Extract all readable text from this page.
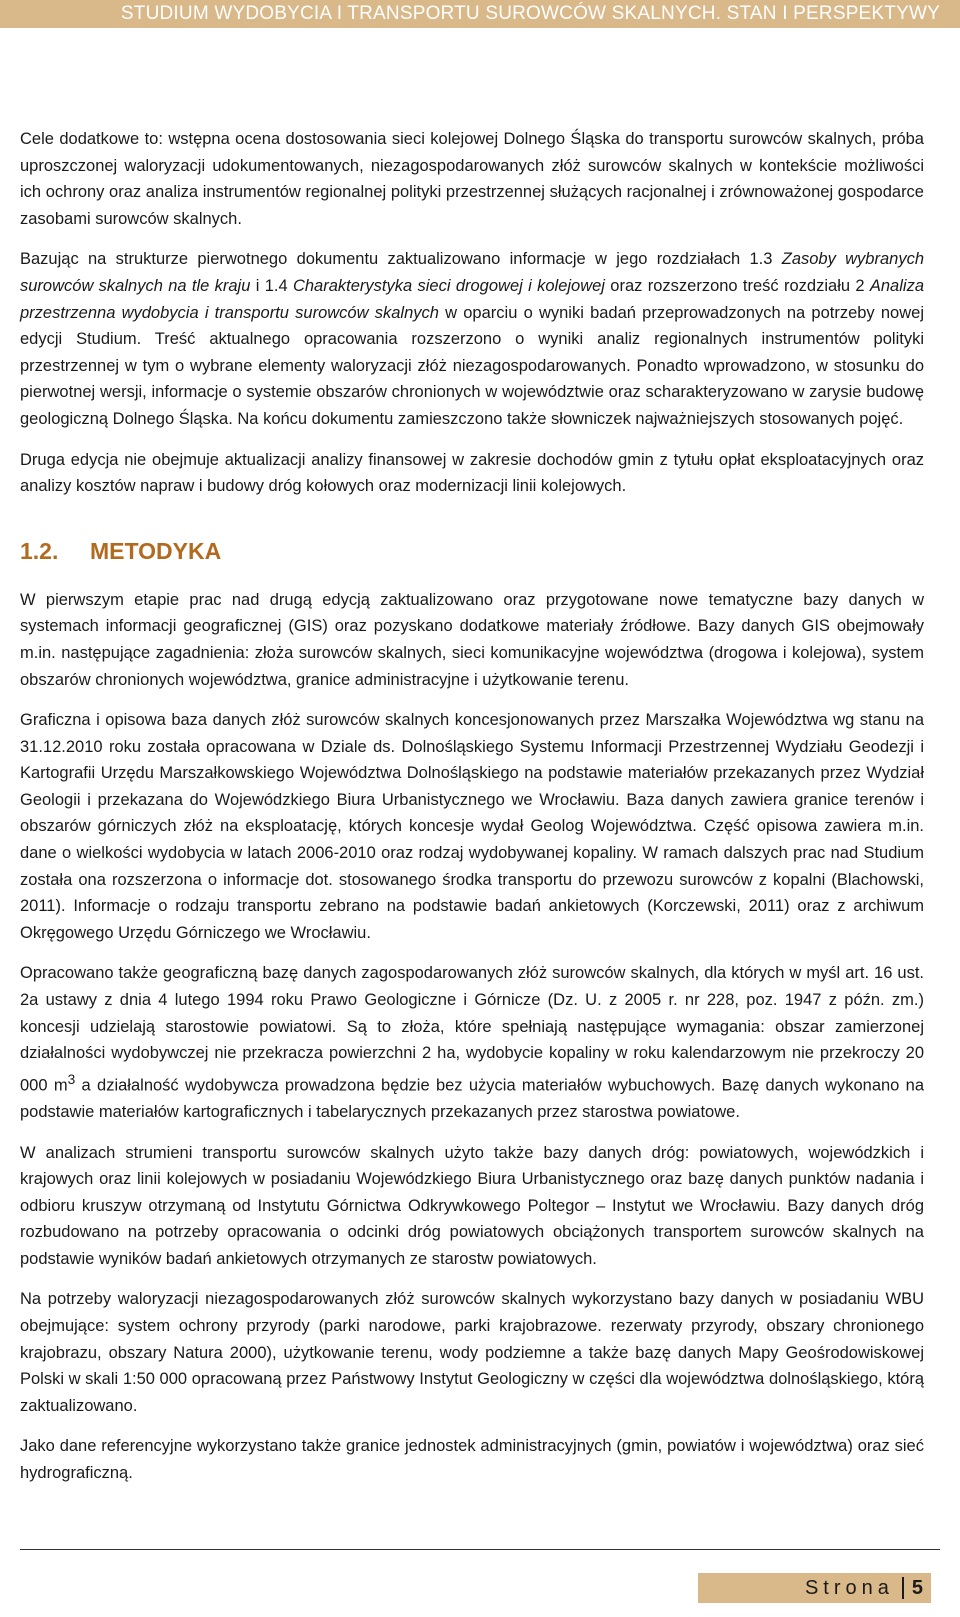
STUDIUM WYDOBYCIA I TRANSPORTU SUROWCÓW SKALNYCH. STAN I PERSPEKTYWY

Cele dodatkowe to: wstępna ocena dostosowania sieci kolejowej Dolnego Śląska do transportu surowców skalnych, próba uproszczonej waloryzacji udokumentowanych, niezagospodarowanych złóż surowców skalnych w kontekście możliwości ich ochrony oraz analiza instrumentów regionalnej polityki przestrzennej służących racjonalnej i zrównoważonej gospodarce zasobami surowców skalnych.

Bazując na strukturze pierwotnego dokumentu zaktualizowano informacje w jego rozdziałach 1.3 Zasoby wybranych surowców skalnych na tle kraju i 1.4 Charakterystyka sieci drogowej i kolejowej oraz rozszerzono treść rozdziału 2 Analiza przestrzenna wydobycia i transportu surowców skalnych w oparciu o wyniki badań przeprowadzonych na potrzeby nowej edycji Studium. Treść aktualnego opracowania rozszerzono o wyniki analiz regionalnych instrumentów polityki przestrzennej w tym o wybrane elementy waloryzacji złóż niezagospodarowanych. Ponadto wprowadzono, w stosunku do pierwotnej wersji, informacje o systemie obszarów chronionych w województwie oraz scharakteryzowano w zarysie budowę geologiczną Dolnego Śląska. Na końcu dokumentu zamieszczono także słowniczek najważniejszych stosowanych pojęć.

Druga edycja nie obejmuje aktualizacji analizy finansowej w zakresie dochodów gmin z tytułu opłat eksploatacyjnych oraz analizy kosztów napraw i budowy dróg kołowych oraz modernizacji linii kolejowych.

1.2.	METODYKA

W pierwszym etapie prac nad drugą edycją zaktualizowano oraz przygotowane nowe tematyczne bazy danych w systemach informacji geograficznej (GIS) oraz pozyskano dodatkowe materiały źródłowe. Bazy danych GIS obejmowały m.in. następujące zagadnienia: złoża surowców skalnych, sieci komunikacyjne województwa (drogowa i kolejowa), system obszarów chronionych województwa, granice administracyjne i użytkowanie terenu.

Graficzna i opisowa baza danych złóż surowców skalnych koncesjonowanych przez Marszałka Województwa wg stanu na 31.12.2010 roku została opracowana w Dziale ds. Dolnośląskiego Systemu Informacji Przestrzennej Wydziału Geodezji i Kartografii Urzędu Marszałkowskiego Województwa Dolnośląskiego na podstawie materiałów przekazanych przez Wydział Geologii i przekazana do Wojewódzkiego Biura Urbanistycznego we Wrocławiu. Baza danych zawiera granice terenów i obszarów górniczych złóż na eksploatację, których koncesje wydał Geolog Województwa. Część opisowa zawiera m.in. dane o wielkości wydobycia w latach 2006-2010 oraz rodzaj wydobywanej kopaliny. W ramach dalszych prac nad Studium została ona rozszerzona o informacje dot. stosowanego środka transportu do przewozu surowców z kopalni (Blachowski, 2011). Informacje o rodzaju transportu zebrano na podstawie badań ankietowych (Korczewski, 2011) oraz z archiwum Okręgowego Urzędu Górniczego we Wrocławiu.

Opracowano także geograficzną bazę danych zagospodarowanych złóż surowców skalnych, dla których w myśl art. 16 ust. 2a ustawy z dnia 4 lutego 1994 roku Prawo Geologiczne i Górnicze (Dz. U. z 2005 r. nr 228, poz. 1947 z późn. zm.) koncesji udzielają starostowie powiatowi. Są to złoża, które spełniają następujące wymagania: obszar zamierzonej działalności wydobywczej nie przekracza powierzchni 2 ha, wydobycie kopaliny w roku kalendarzowym nie przekroczy 20 000 $m^3$ a działalność wydobywcza prowadzona będzie bez użycia materiałów wybuchowych. Bazę danych wykonano na podstawie materiałów kartograficznych i tabelarycznych przekazanych przez starostwa powiatowe.

W analizach strumieni transportu surowców skalnych użyto także bazy danych dróg: powiatowych, wojewódzkich i krajowych oraz linii kolejowych w posiadaniu Wojewódzkiego Biura Urbanistycznego oraz bazę danych punktów nadania i odbioru kruszyw otrzymaną od Instytutu Górnictwa Odkrywkowego Poltegor – Instytut we Wrocławiu. Bazy danych dróg rozbudowano na potrzeby opracowania o odcinki dróg powiatowych obciążonych transportem surowców skalnych na podstawie wyników badań ankietowych otrzymanych ze starostw powiatowych.

Na potrzeby waloryzacji niezagospodarowanych złóż surowców skalnych wykorzystano bazy danych w posiadaniu WBU obejmujące: system ochrony przyrody (parki narodowe, parki krajobrazowe. rezerwaty przyrody, obszary chronionego krajobrazu, obszary Natura 2000), użytkowanie terenu, wody podziemne a także bazę danych Mapy Geośrodowiskowej Polski w skali 1:50 000 opracowaną przez Państwowy Instytut Geologiczny w części dla województwa dolnośląskiego, którą zaktualizowano.

Jako dane referencyjne wykorzystano także granice jednostek administracyjnych (gmin, powiatów i województwa) oraz sieć hydrograficzną.

Strona 5
